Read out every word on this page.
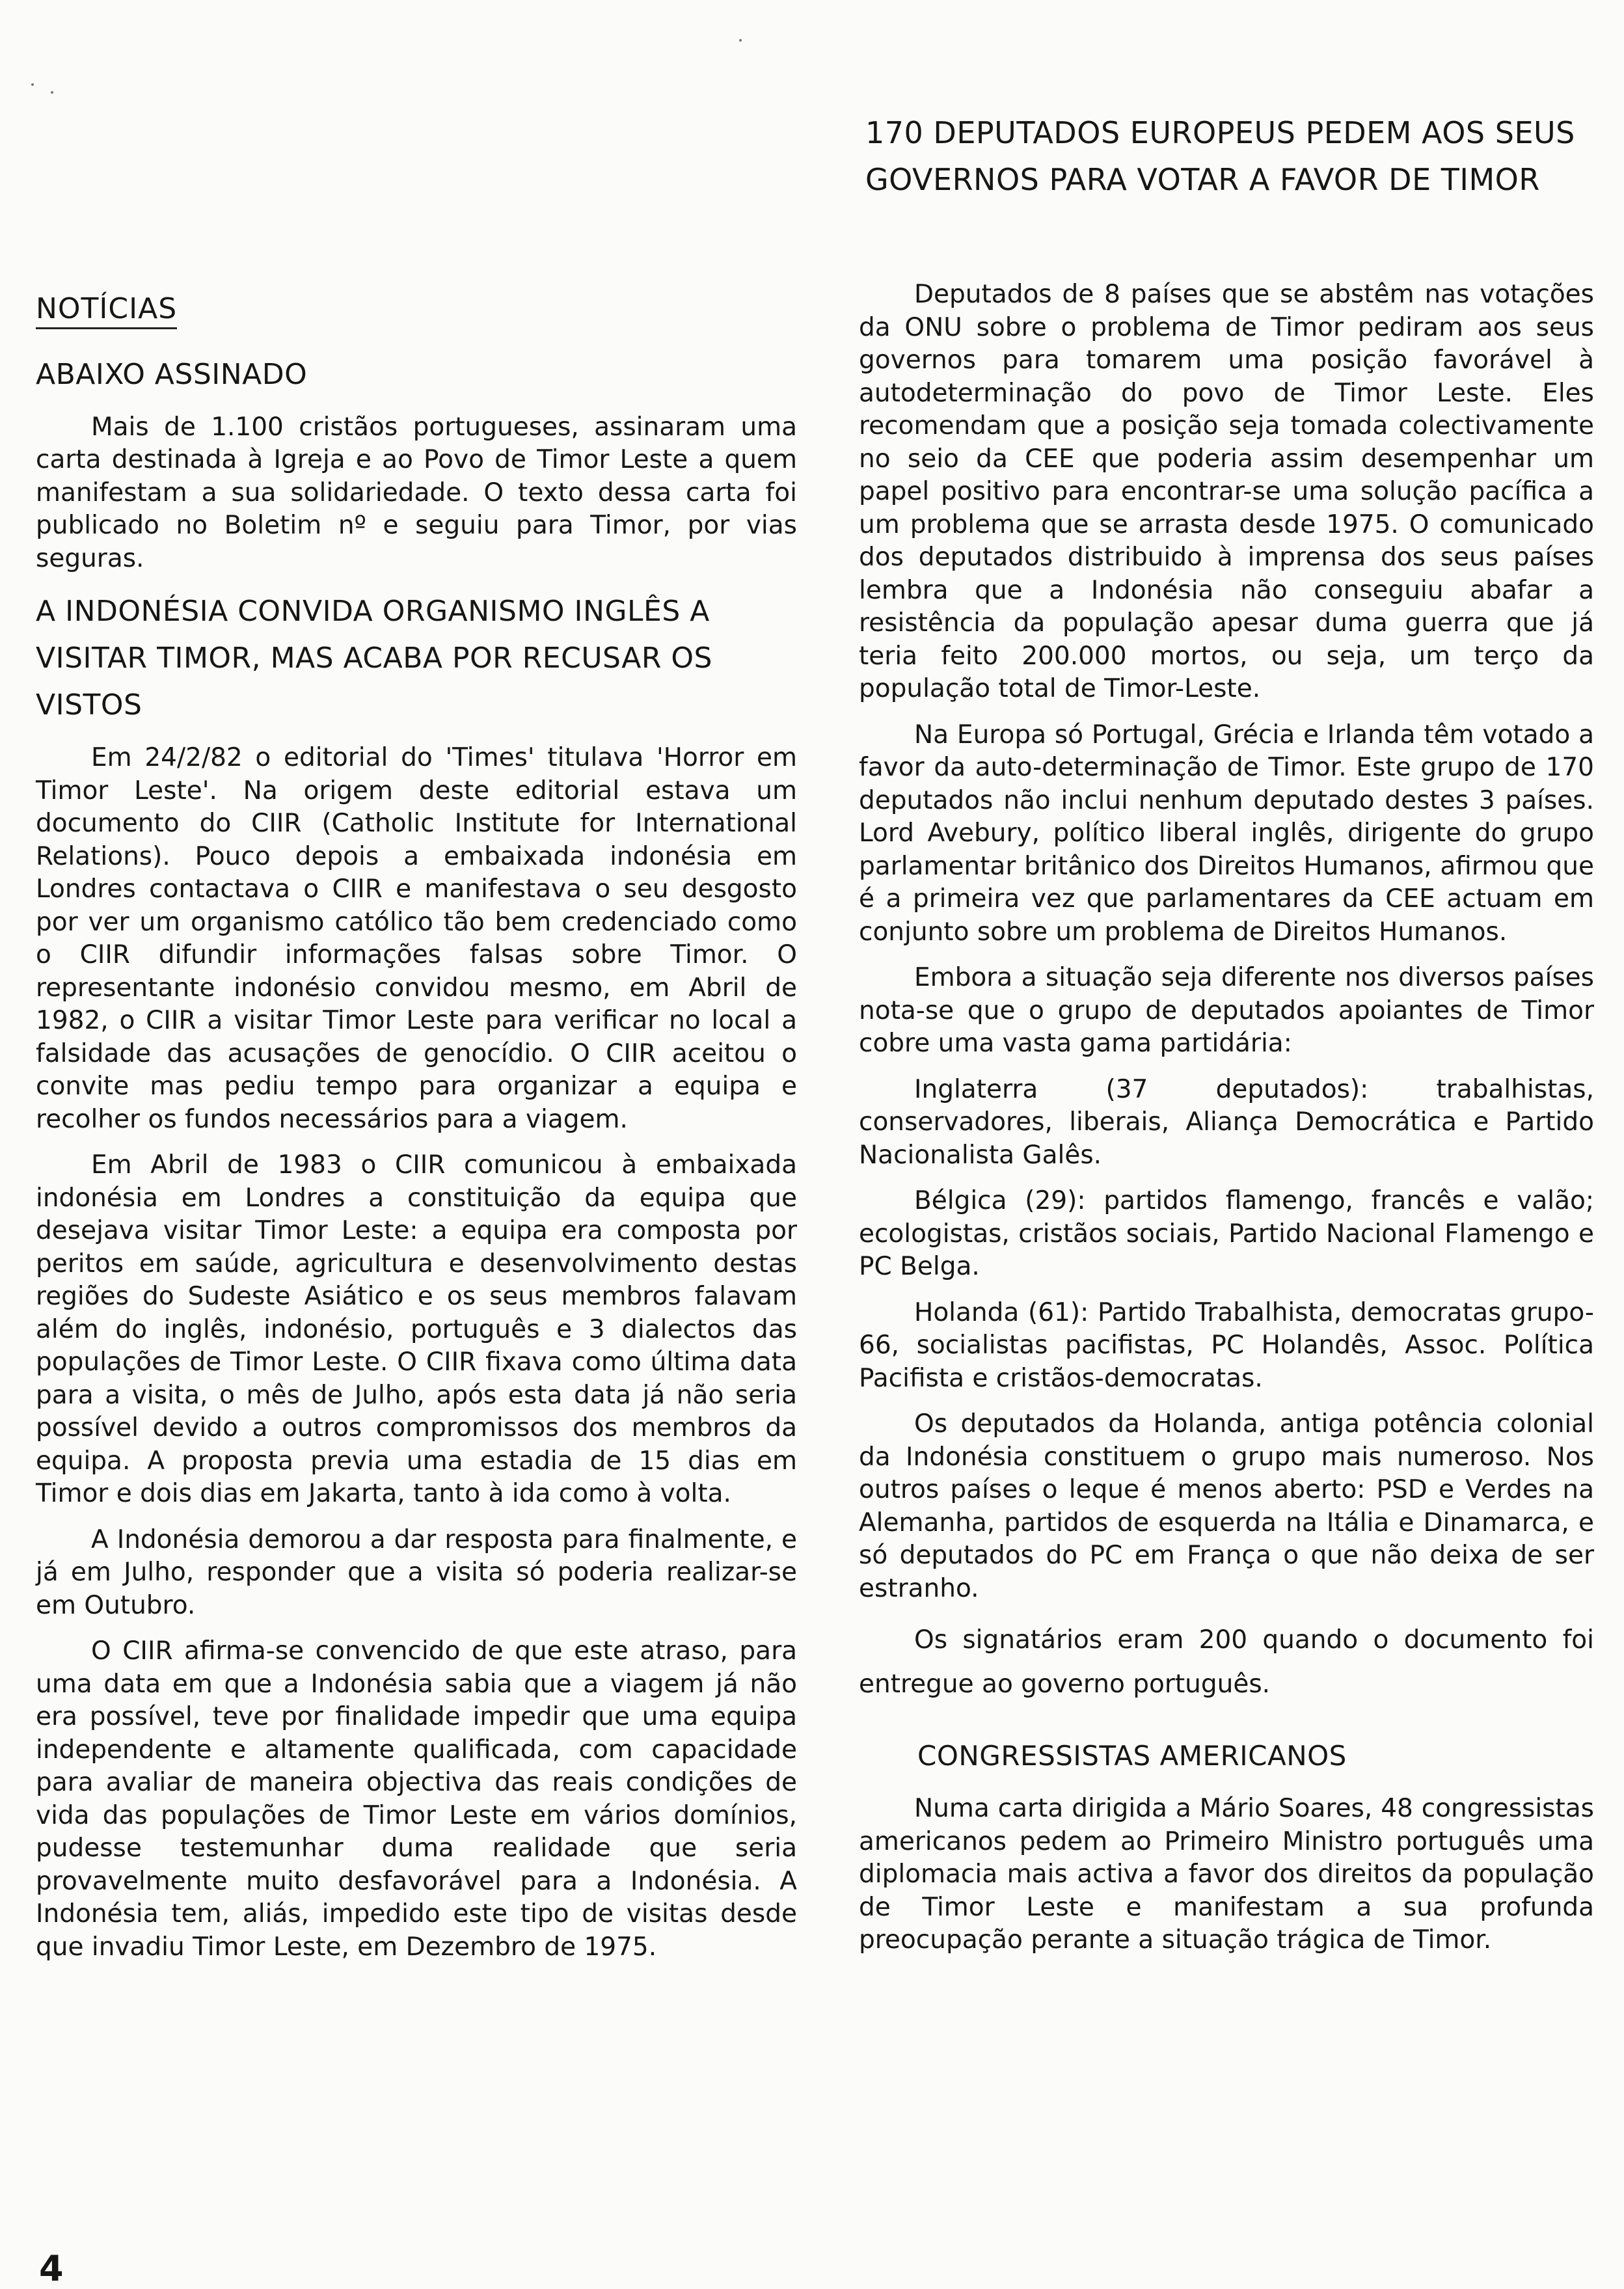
170 DEPUTADOS EUROPEUS PEDEM AOS SEUS
GOVERNOS PARA VOTAR A FAVOR DE TIMOR
NOTÍCIAS
ABAIXO ASSINADO

Mais de 1.100 cristãos portugueses, assinaram uma carta destinada à Igreja e ao Povo de Timor Leste a quem manifestam a sua solidariedade. O texto dessa carta foi publicado no Boletim nº e seguiu para Timor, por vias seguras.

A INDONÉSIA CONVIDA ORGANISMO INGLÊS A VISITAR TIMOR, MAS ACABA POR RECUSAR OS VISTOS

Em 24/2/82 o editorial do 'Times' titulava 'Horror em Timor Leste'. Na origem deste editorial estava um documento do CIIR (Catholic Institute for International Relations). Pouco depois a embaixada indonésia em Londres contactava o CIIR e manifestava o seu desgosto por ver um organismo católico tão bem credenciado como o CIIR difundir informações falsas sobre Timor. O representante indonésio convidou mesmo, em Abril de 1982, o CIIR a visitar Timor Leste para verificar no local a falsidade das acusações de genocídio. O CIIR aceitou o convite mas pediu tempo para organizar a equipa e recolher os fundos necessários para a viagem.

Em Abril de 1983 o CIIR comunicou à embaixada indonésia em Londres a constituição da equipa que desejava visitar Timor Leste: a equipa era composta por peritos em saúde, agricultura e desenvolvimento destas regiões do Sudeste Asiático e os seus membros falavam além do inglês, indonésio, português e 3 dialectos das populações de Timor Leste. O CIIR fixava como última data para a visita, o mês de Julho, após esta data já não seria possível devido a outros compromissos dos membros da equipa. A proposta previa uma estadia de 15 dias em Timor e dois dias em Jakarta, tanto à ida como à volta.

A Indonésia demorou a dar resposta para finalmente, e já em Julho, responder que a visita só poderia realizar-se em Outubro.

O CIIR afirma-se convencido de que este atraso, para uma data em que a Indonésia sabia que a viagem já não era possível, teve por finalidade impedir que uma equipa independente e altamente qualificada, com capacidade para avaliar de maneira objectiva das reais condições de vida das populações de Timor Leste em vários domínios, pudesse testemunhar duma realidade que seria provavelmente muito desfavorável para a Indonésia. A Indonésia tem, aliás, impedido este tipo de visitas desde que invadiu Timor Leste, em Dezembro de 1975.

Deputados de 8 países que se abstêm nas votações da ONU sobre o problema de Timor pediram aos seus governos para tomarem uma posição favorável à autodeterminação do povo de Timor Leste. Eles recomendam que a posição seja tomada colectivamente no seio da CEE que poderia assim desempenhar um papel positivo para encontrar-se uma solução pacífica a um problema que se arrasta desde 1975. O comunicado dos deputados distribuido à imprensa dos seus países lembra que a Indonésia não conseguiu abafar a resistência da população apesar duma guerra que já teria feito 200.000 mortos, ou seja, um terço da população total de Timor-Leste.

Na Europa só Portugal, Grécia e Irlanda têm votado a favor da auto-determinação de Timor. Este grupo de 170 deputados não inclui nenhum deputado destes 3 países. Lord Avebury, político liberal inglês, dirigente do grupo parlamentar britânico dos Direitos Humanos, afirmou que é a primeira vez que parlamentares da CEE actuam em conjunto sobre um problema de Direitos Humanos.

Embora a situação seja diferente nos diversos países nota-se que o grupo de deputados apoiantes de Timor cobre uma vasta gama partidária:

Inglaterra (37 deputados): trabalhistas, conservadores, liberais, Aliança Democrática e Partido Nacionalista Galês.

Bélgica (29): partidos flamengo, francês e valão; ecologistas, cristãos sociais, Partido Nacional Flamengo e PC Belga.

Holanda (61): Partido Trabalhista, democratas grupo-66, socialistas pacifistas, PC Holandês, Assoc. Política Pacifista e cristãos-democratas.

Os deputados da Holanda, antiga potência colonial da Indonésia constituem o grupo mais numeroso. Nos outros países o leque é menos aberto: PSD e Verdes na Alemanha, partidos de esquerda na Itália e Dinamarca, e só deputados do PC em França o que não deixa de ser estranho.

Os signatários eram 200 quando o documento foi entregue ao governo português.

CONGRESSISTAS AMERICANOS

Numa carta dirigida a Mário Soares, 48 congressistas americanos pedem ao Primeiro Ministro português uma diplomacia mais activa a favor dos direitos da população de Timor Leste e manifestam a sua profunda preocupação perante a situação trágica de Timor.

4
